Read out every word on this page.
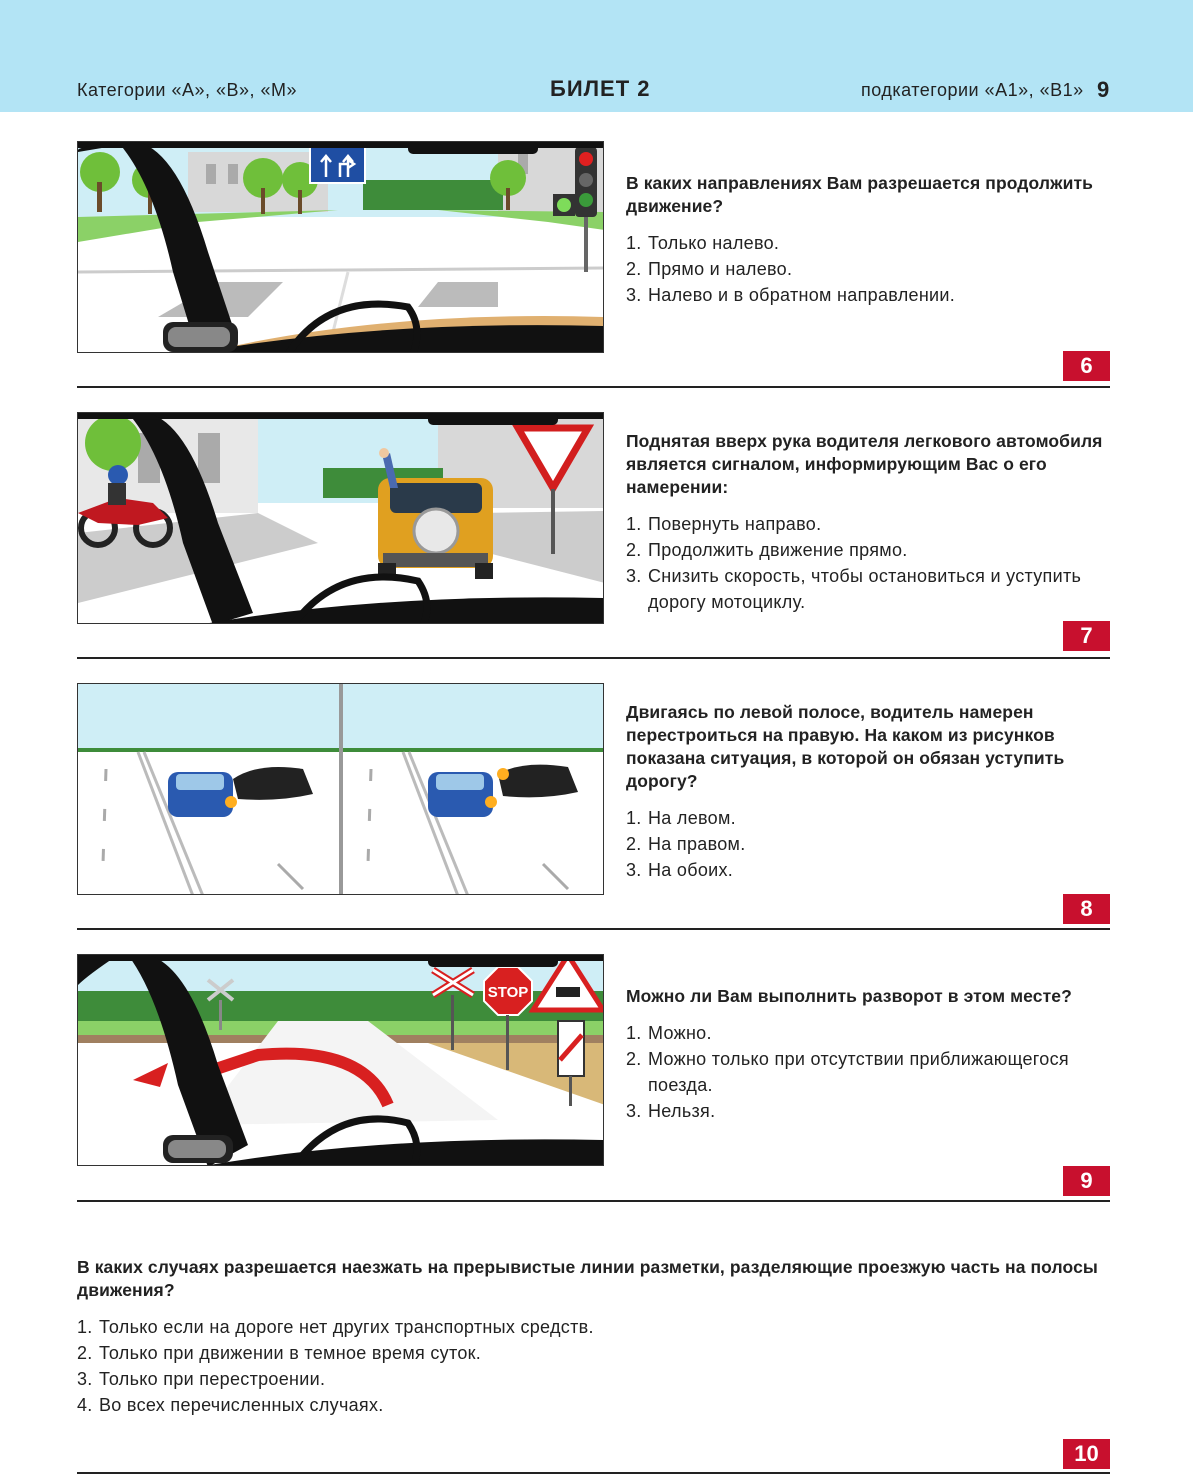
Категории «А», «В», «М»	БИЛЕТ 2	подкатегории «А1», «В1» 9
В каких направлениях Вам разрешается продолжить движение?
1. Только налево.
2. Прямо и налево.
3. Налево и в обратном направлении.
6
Поднятая вверх рука водителя легкового автомобиля является сигналом, информирующим Вас о его намерении:
1. Повернуть направо.
2. Продолжить движение прямо.
3. Снизить скорость, чтобы остановиться и уступить дорогу мотоциклу.
7
Двигаясь по левой полосе, водитель намерен перестроиться на правую. На каком из рисунков показана ситуация, в которой он обязан уступить дорогу?
1. На левом.
2. На правом.
3. На обоих.
8
STOP	Можно ли Вам выполнить разворот в этом месте?
1. Можно.
2. Можно только при отсутствии приближающегося поезда.
3. Нельзя.
9
В каких случаях разрешается наезжать на прерывистые линии разметки, разделяющие проезжую часть на полосы движения?
1. Только если на дороге нет других транспортных средств.
2. Только при движении в темное время суток.
3. Только при перестроении.
4. Во всех перечисленных случаях.
10
